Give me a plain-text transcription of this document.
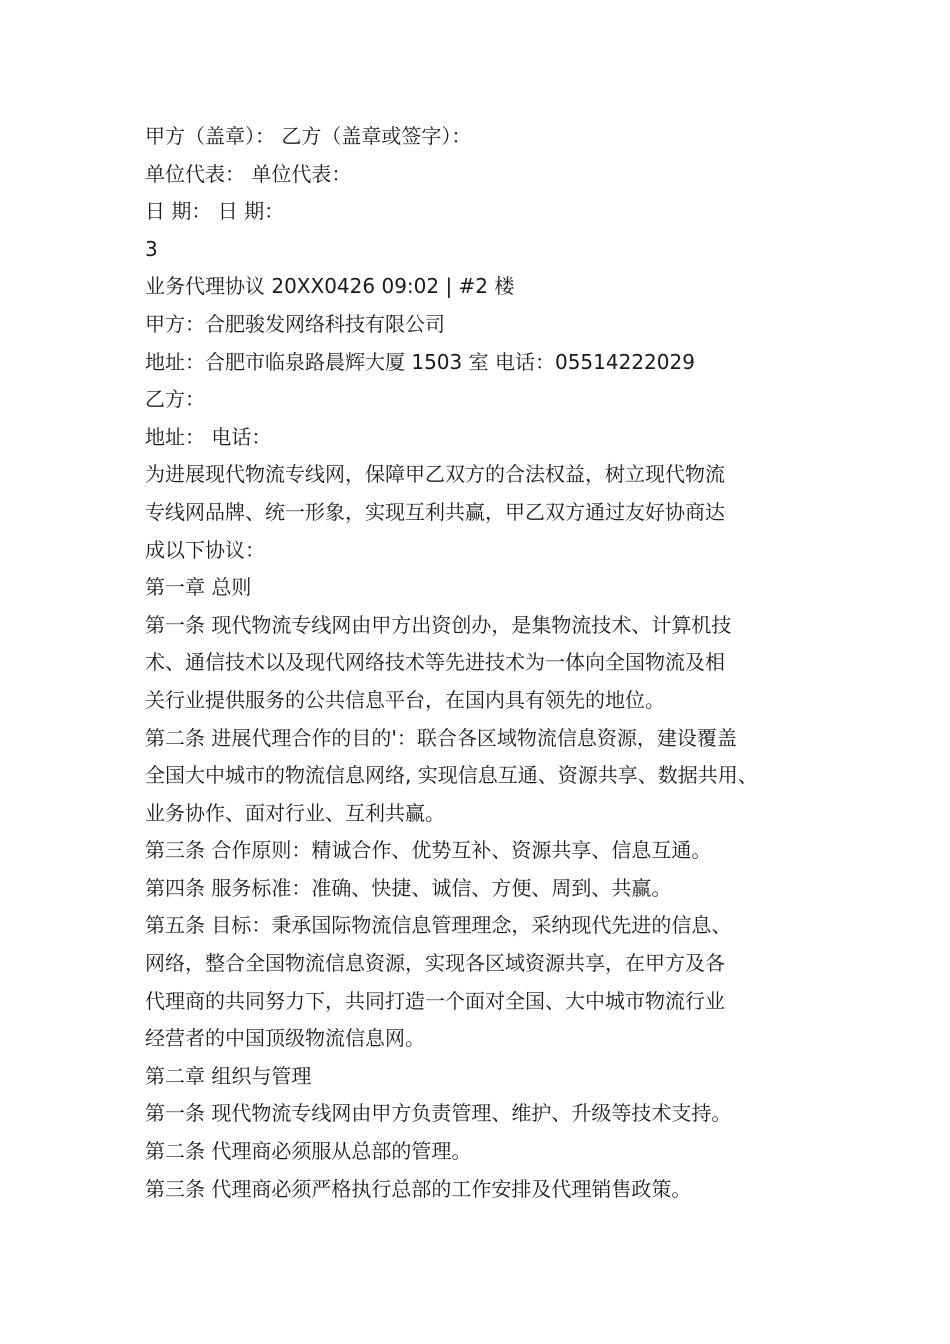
甲方（盖章）： 乙方（盖章或签字）：
单位代表： 单位代表：
日 期： 日 期：
3
业务代理协议 20XX0426 09:02 | #2 楼
甲方：合肥骏发网络科技有限公司
地址：合肥市临泉路晨辉大厦 1503 室 电话：05514222029
乙方：
地址： 电话：
为进展现代物流专线网，保障甲乙双方的合法权益，树立现代物流
专线网品牌、统一形象，实现互利共赢，甲乙双方通过友好协商达
成以下协议：
第一章 总则
第一条 现代物流专线网由甲方出资创办，是集物流技术、计算机技
术、通信技术以及现代网络技术等先进技术为一体向全国物流及相
关行业提供服务的公共信息平台，在国内具有领先的地位。
第二条 进展代理合作的目的'：联合各区域物流信息资源，建设覆盖
全国大中城市的物流信息网络, 实现信息互通、资源共享、数据共用、
业务协作、面对行业、互利共赢。
第三条 合作原则：精诚合作、优势互补、资源共享、信息互通。
第四条 服务标准：准确、快捷、诚信、方便、周到、共赢。
第五条 目标：秉承国际物流信息管理理念，采纳现代先进的信息、
网络，整合全国物流信息资源，实现各区域资源共享，在甲方及各
代理商的共同努力下，共同打造一个面对全国、大中城市物流行业
经营者的中国顶级物流信息网。
第二章 组织与管理
第一条 现代物流专线网由甲方负责管理、维护、升级等技术支持。
第二条 代理商必须服从总部的管理。
第三条 代理商必须严格执行总部的工作安排及代理销售政策。
